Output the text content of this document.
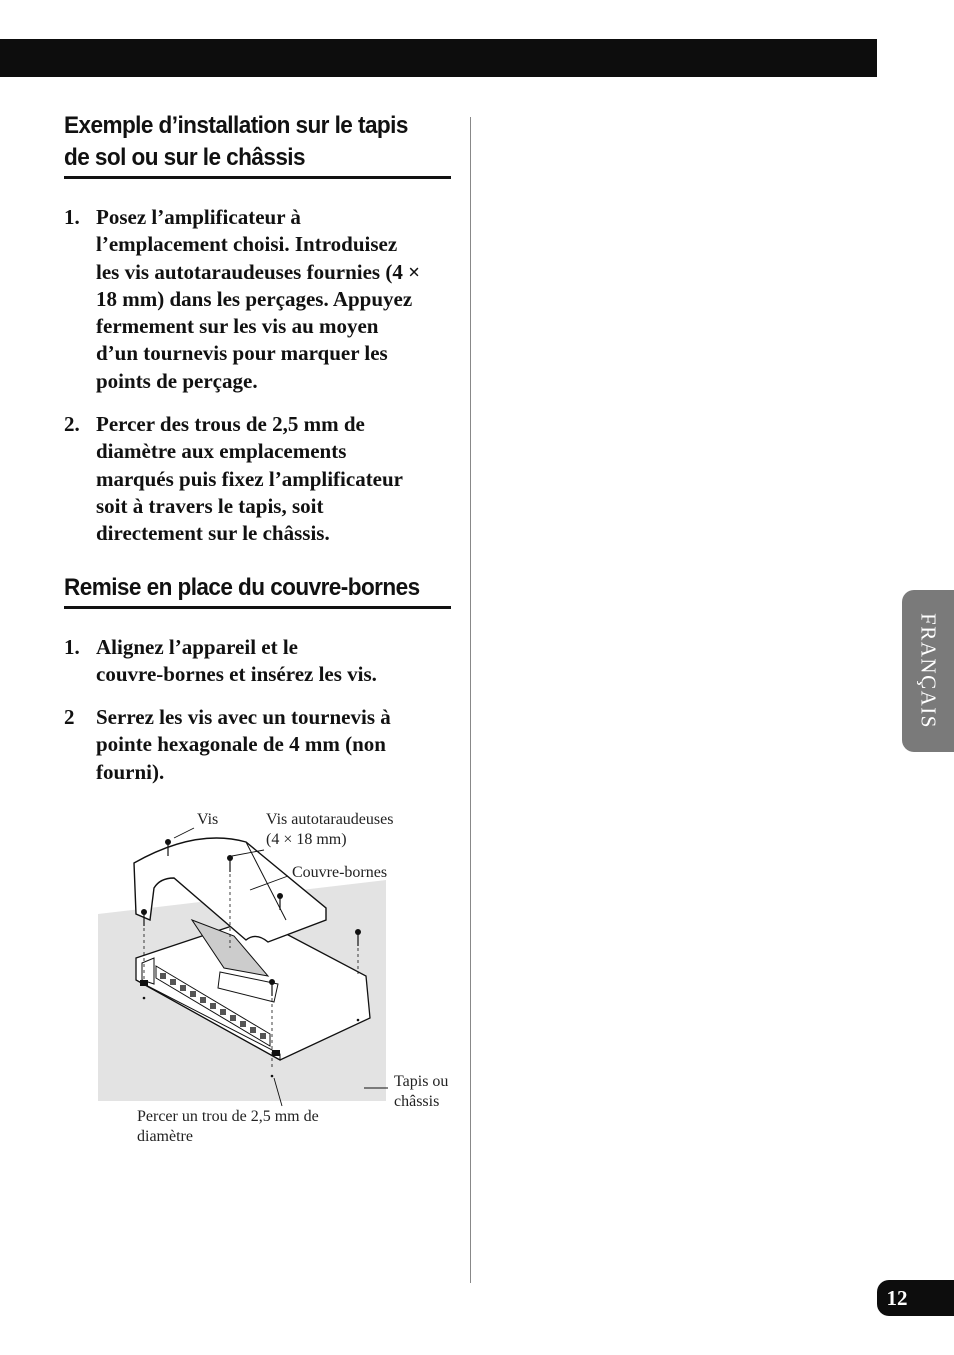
Exemple d’installation sur le tapis
de sol ou sur le châssis
1. Posez l’amplificateur à
l’emplacement choisi. Introduisez
les vis autotaraudeuses fournies (4 ×
18 mm) dans les perçages. Appuyez
fermement sur les vis au moyen
d’un tournevis pour marquer les
points de perçage.
2. Percer des trous de 2,5 mm de
diamètre aux emplacements
marqués puis fixez l’amplificateur
soit à travers le tapis, soit
directement sur le châssis.
Remise en place du couvre-bornes
1. Alignez l’appareil et le
couvre-bornes et insérez les vis.
2 Serrez les vis avec un tournevis à
pointe hexagonale de 4 mm (non
fourni).
Vis	Vis autotaraudeuses
(4 × 18 mm)
Couvre-bornes
Tapis ou
châssis
Percer un trou de 2,5 mm de
diamètre
FRANÇAIS
12
